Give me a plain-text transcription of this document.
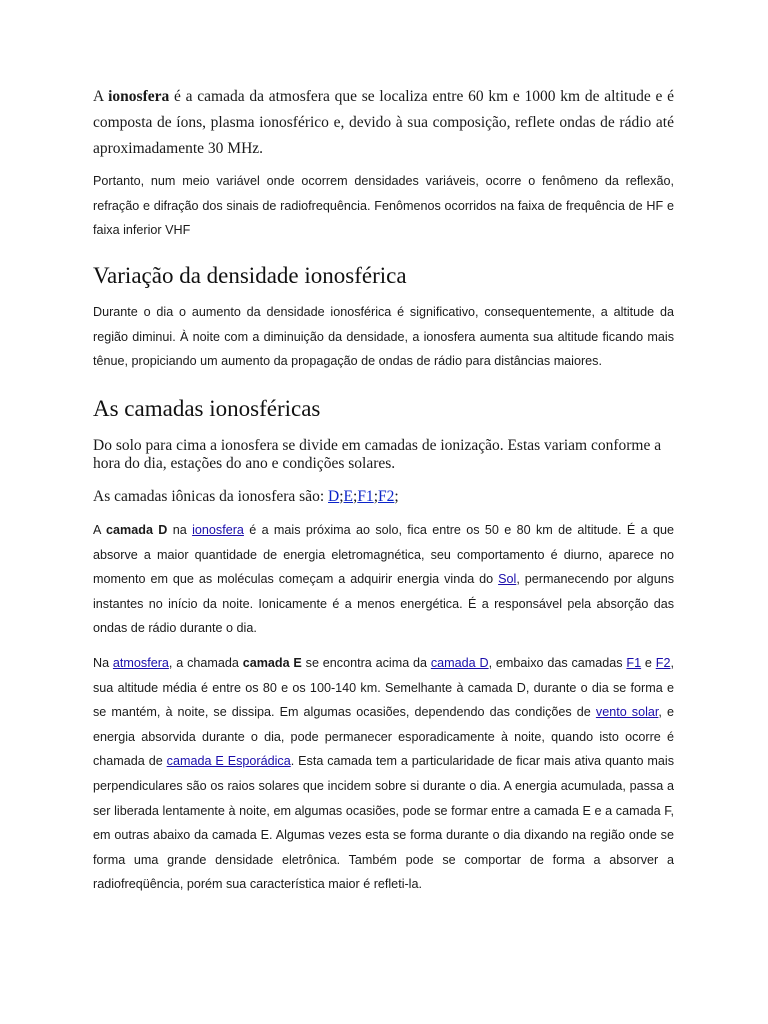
A ionosfera é a camada da atmosfera que se localiza entre 60 km e 1000 km de altitude e é composta de íons, plasma ionosférico e, devido à sua composição, reflete ondas de rádio até aproximadamente 30 MHz.

Portanto, num meio variável onde ocorrem densidades variáveis, ocorre o fenômeno da reflexão, refração e difração dos sinais de radiofrequência. Fenômenos ocorridos na faixa de frequência de HF e faixa inferior VHF

Variação da densidade ionosférica

Durante o dia o aumento da densidade ionosférica é significativo, consequentemente, a altitude da região diminui. À noite com a diminuição da densidade, a ionosfera aumenta sua altitude ficando mais tênue, propiciando um aumento da propagação de ondas de rádio para distâncias maiores.

As camadas ionosféricas

Do solo para cima a ionosfera se divide em camadas de ionização. Estas variam conforme a hora do dia, estações do ano e condições solares.

As camadas iônicas da ionosfera são: D;E;F1;F2;

A camada D na ionosfera é a mais próxima ao solo, fica entre os 50 e 80 km de altitude. É a que absorve a maior quantidade de energia eletromagnética, seu comportamento é diurno, aparece no momento em que as moléculas começam a adquirir energia vinda do Sol, permanecendo por alguns instantes no início da noite. Ionicamente é a menos energética. É a responsável pela absorção das ondas de rádio durante o dia.

Na atmosfera, a chamada camada E se encontra acima da camada D, embaixo das camadas F1 e F2, sua altitude média é entre os 80 e os 100-140 km. Semelhante à camada D, durante o dia se forma e se mantém, à noite, se dissipa. Em algumas ocasiões, dependendo das condições de vento solar, e energia absorvida durante o dia, pode permanecer esporadicamente à noite, quando isto ocorre é chamada de camada E Esporádica. Esta camada tem a particularidade de ficar mais ativa quanto mais perpendiculares são os raios solares que incidem sobre si durante o dia. A energia acumulada, passa a ser liberada lentamente à noite, em algumas ocasiões, pode se formar entre a camada E e a camada F, em outras abaixo da camada E. Algumas vezes esta se forma durante o dia dixando na região onde se forma uma grande densidade eletrônica. Também pode se comportar de forma a absorver a radiofreqüência, porém sua característica maior é refleti-la.
